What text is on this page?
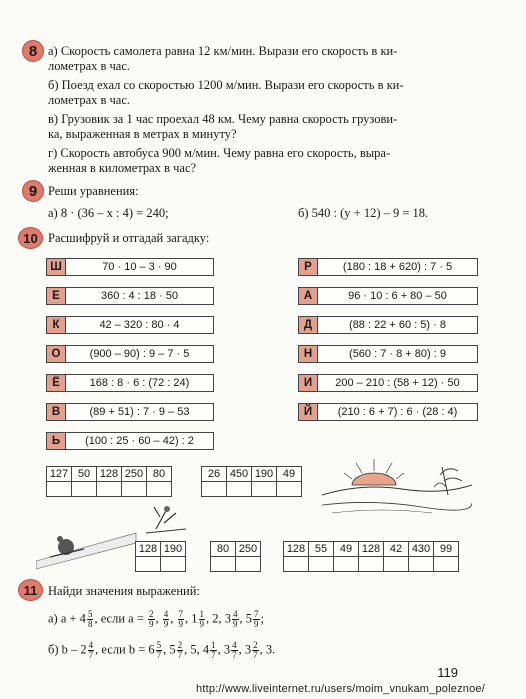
8 а) Скорость самолета равна 12 км/мин. Вырази его скорость в ки-
лометрах в час.
б) Поезд ехал со скоростью 1200 м/мин. Вырази его скорость в ки-
лометрах в час.
в) Грузовик за 1 час проехал 48 км. Чему равна скорость грузови-
ка, выраженная в метрах в минуту?
г) Скорость автобуса 900 м/мин. Чему равна его скорость, выра-
женная в километрах в час?
9 Реши уравнения:
а) 8 · (36 – x : 4) = 240;	б) 540 : (y + 12) – 9 = 18.
10 Расшифруй и отгадай загадку:
Ш	70 · 10 – 3 · 90
Е	360 : 4 : 18 · 50
К	42 – 320 : 80 · 4
О	(900 – 90) : 9 – 7 · 5
Ё	168 : 8 · 6 : (72 : 24)
В	(89 + 51) : 7 · 9 – 53
Ь	(100 : 25 · 60 – 42) : 2
Р	(180 : 18 + 620) : 7 · 5
А	96 · 10 : 6 + 80 – 50
Д	(88 : 22 + 60 : 5) · 8
Н	(560 : 7 · 8 + 80) : 9
И	200 – 210 : (58 + 12) · 50
Й	(210 : 6 + 7) : 6 · (28 : 4)
127	50	128	250	80
					26	450	190	49

128	190
		80	250
		128	55	49	128	42	430	99

11 Найди значения выражений:
а) $a + 4 \frac{5}{8}$ , если $a = \frac{2}{9}$ , $\frac{4}{9}$ , $\frac{7}{9}$ , $1 \frac{1}{9}$ , 2, $3 \frac{4}{9}$ , $5 \frac{7}{9}$ ;
б) b – $2 \frac{4}{7}$ , если $b = 6 \frac{5}{7}$ , $5 \frac{2}{7}$ , 5, $4 \frac{1}{7}$ , $3 \frac{4}{7}$ , $3 \frac{2}{7}$ , 3.
119
http://www.liveinternet.ru/users/moim_vnukam_poleznoe/
